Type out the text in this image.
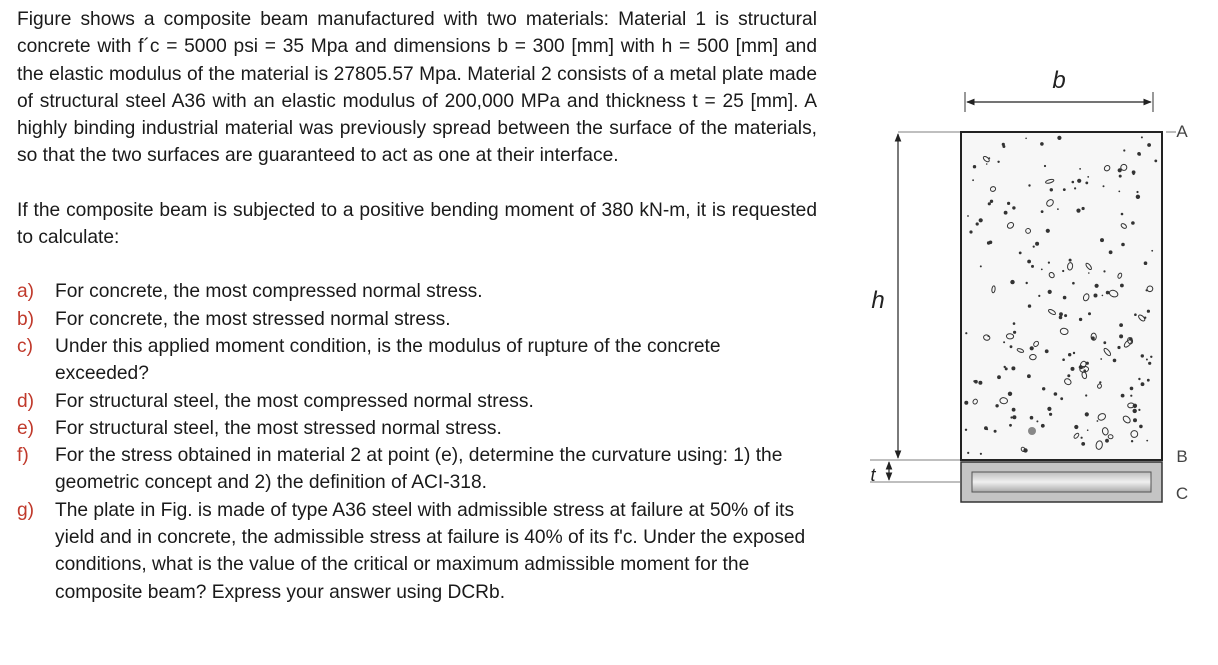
Figure shows a composite beam manufactured with two materials: Material 1 is structural concrete with f´c = 5000 psi = 35 Mpa and dimensions b = 300 [mm] with h = 500 [mm] and the elastic modulus of the material is 27805.57 Mpa. Material 2 consists of a metal plate made of structural steel A36 with an elastic modulus of 200,000 MPa and thickness t = 25 [mm]. A highly binding industrial material was previously spread between the surface of the materials, so that the two surfaces are guaranteed to act as one at their interface.

If the composite beam is subjected to a positive bending moment of 380 kN-m, it is requested to calculate:

a)	For concrete, the most compressed normal stress.
b)	For concrete, the most stressed normal stress.
c)	Under this applied moment condition, is the modulus of rupture of the concrete exceeded?
d)	For structural steel, the most compressed normal stress.
e)	For structural steel, the most stressed normal stress.
f)	For the stress obtained in material 2 at point (e), determine the curvature using: 1) the geometric concept and 2) the definition of ACI-318.
g)	The plate in Fig. is made of type A36 steel with admissible stress at failure at 50% of its yield and in concrete, the admissible stress at failure is 40% of its f'c. Under the exposed conditions, what is the value of the critical or maximum admissible moment for the composite beam? Express your answer using DCRb.
b
A
B
C
h
t
